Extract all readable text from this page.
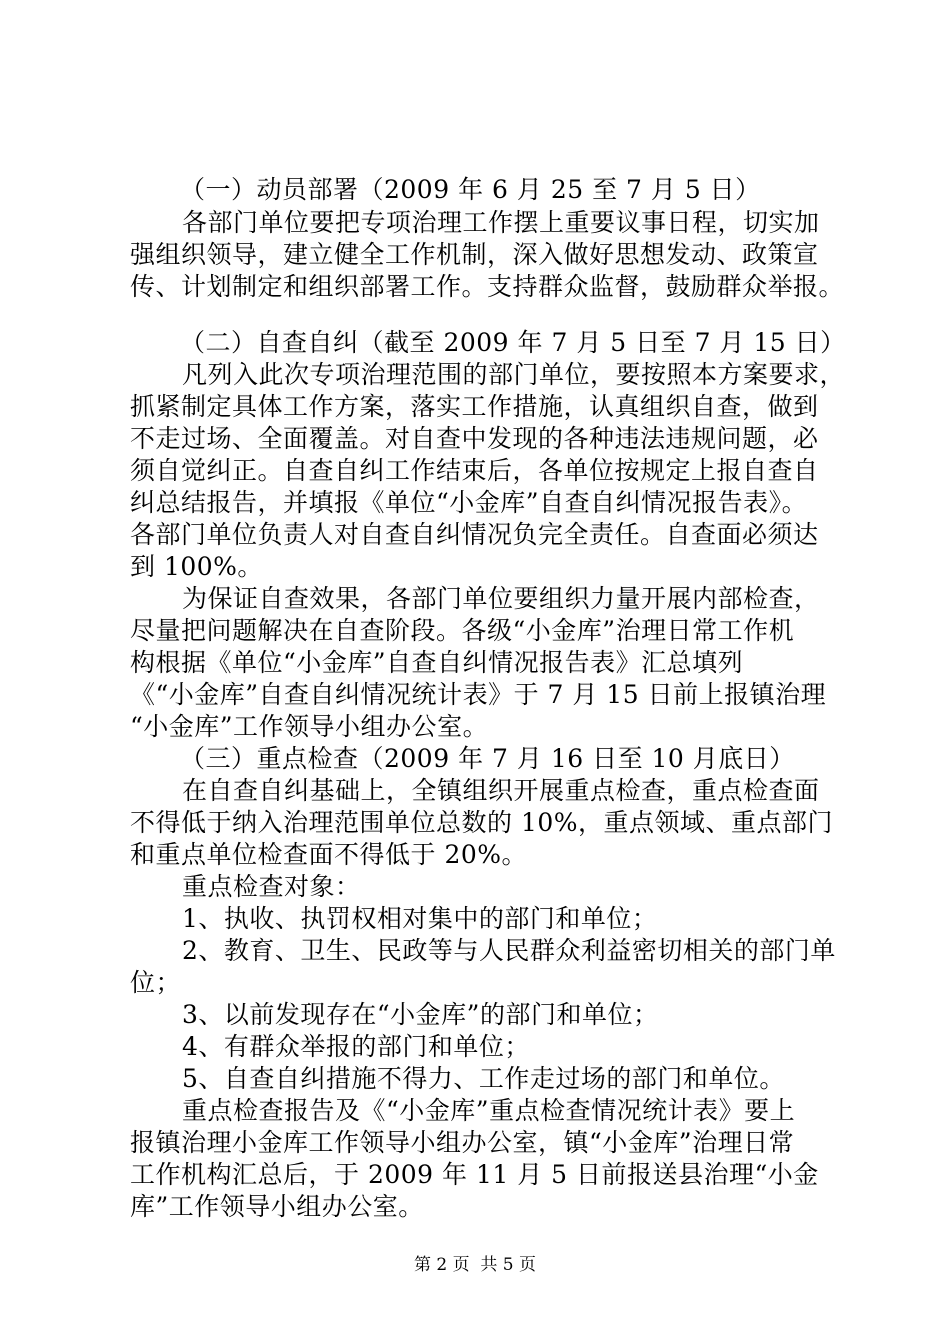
（一）动员部署（2009 年 6 月 25 至 7 月 5 日）
各部门单位要把专项治理工作摆上重要议事日程，切实加
强组织领导，建立健全工作机制，深入做好思想发动、政策宣
传、计划制定和组织部署工作。支持群众监督，鼓励群众举报。
（二）自查自纠（截至 2009 年 7 月 5 日至 7 月 15 日）
凡列入此次专项治理范围的部门单位，要按照本方案要求，
抓紧制定具体工作方案，落实工作措施，认真组织自查，做到
不走过场、全面覆盖。对自查中发现的各种违法违规问题，必
须自觉纠正。自查自纠工作结束后，各单位按规定上报自查自
纠总结报告，并填报《单位“小金库”自查自纠情况报告表》。
各部门单位负责人对自查自纠情况负完全责任。自查面必须达
到 100%。
为保证自查效果，各部门单位要组织力量开展内部检查，
尽量把问题解决在自查阶段。各级“小金库”治理日常工作机
构根据《单位“小金库”自查自纠情况报告表》汇总填列
《“小金库”自查自纠情况统计表》于 7 月 15 日前上报镇治理
“小金库”工作领导小组办公室。
（三）重点检查（2009 年 7 月 16 日至 10 月底日）
在自查自纠基础上，全镇组织开展重点检查，重点检查面
不得低于纳入治理范围单位总数的 10%，重点领域、重点部门
和重点单位检查面不得低于 20%。
重点检查对象：
1、执收、执罚权相对集中的部门和单位；
2、教育、卫生、民政等与人民群众利益密切相关的部门单
位；
3、以前发现存在“小金库”的部门和单位；
4、有群众举报的部门和单位；
5、自查自纠措施不得力、工作走过场的部门和单位。
重点检查报告及《“小金库”重点检查情况统计表》要上
报镇治理小金库工作领导小组办公室，镇“小金库”治理日常
工作机构汇总后，于 2009 年 11 月 5 日前报送县治理“小金
库”工作领导小组办公室。
第 2 页  共 5 页
